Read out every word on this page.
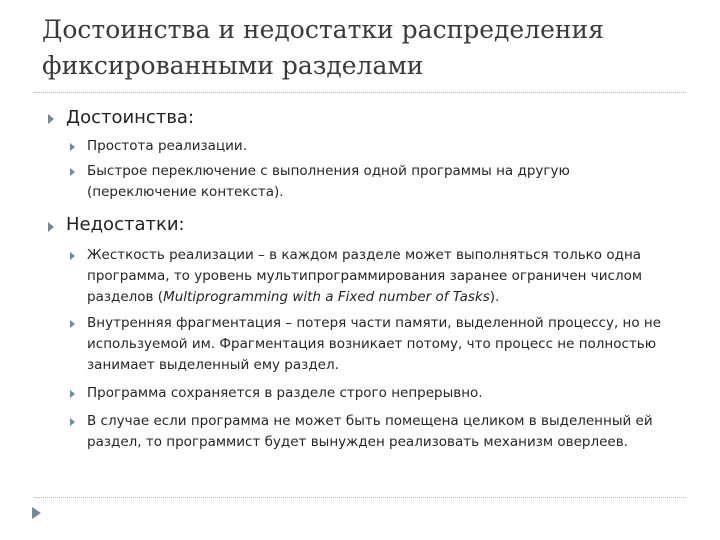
Достоинства и недостатки распределения
фиксированными разделами
Достоинства:
Простота реализации.
Быстрое переключение с выполнения одной программы на другую (переключение контекста).
Недостатки:
Жесткость реализации – в каждом разделе может выполняться только одна программа, то уровень мультипрограммирования заранее ограничен числом разделов (Multiprogramming with a Fixed number of Tasks).
Внутренняя фрагментация – потеря части памяти, выделенной процессу, но не используемой им. Фрагментация возникает потому, что процесс не полностью занимает выделенный ему раздел.
Программа сохраняется в разделе строго непрерывно.
В случае если программа не может быть помещена целиком в выделенный ей раздел, то программист будет вынужден реализовать механизм оверлеев.
